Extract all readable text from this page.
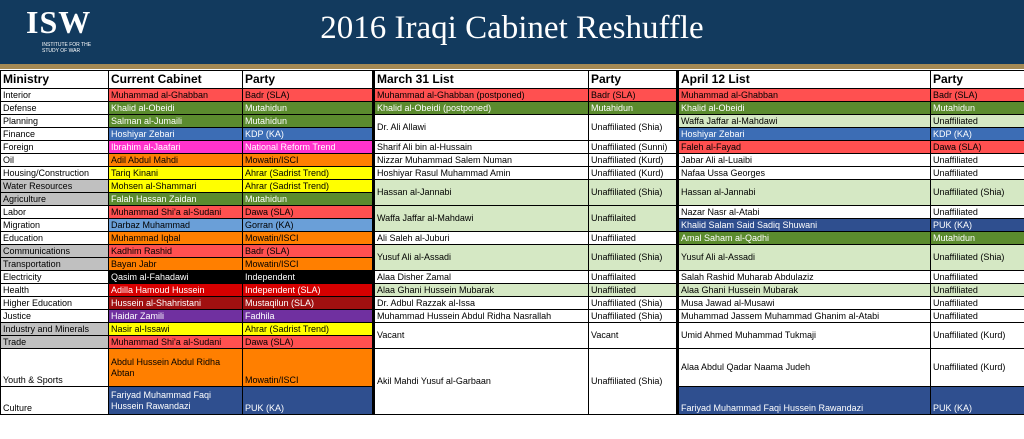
ISW
INSTITUTE FOR THE STUDY OF WAR
2016 Iraqi Cabinet Reshuffle
Ministry	Current Cabinet	Party	March 31 List	Party	April 12 List	Party
Interior	Muhammad al-Ghabban	Badr (SLA)	Muhammad al-Ghabban (postponed)	Badr (SLA)	Muhammad al-Ghabban	Badr (SLA)
Defense	Khalid al-Obeidi	Mutahidun	Khalid al-Obeidi (postponed)	Mutahidun	Khalid al-Obeidi	Mutahidun
Planning	Salman al-Jumaili	Mutahidun	Dr. Ali Allawi	Unaffiliated (Shia)	Waffa Jaffar al-Mahdawi	Unaffiliated
Finance	Hoshiyar Zebari	KDP (KA)			Hoshiyar Zebari	KDP (KA)
Foreign	Ibrahim al-Jaafari	National Reform Trend	Sharif Ali bin al-Hussain	Unaffiliated (Sunni)	Faleh al-Fayad	Dawa (SLA)
Oil	Adil Abdul Mahdi	Mowatin/ISCI	Nizzar Muhammad Salem Numan	Unaffiliated (Kurd)	Jabar Ali al-Luaibi	Unaffiliated
Housing/Construction	Tariq Kinani	Ahrar (Sadrist Trend)	Hoshiyar Rasul Muhammad Amin	Unaffiliated (Kurd)	Nafaa Ussa Georges	Unaffiliated
Water Resources	Mohsen al-Shammari	Ahrar (Sadrist Trend)	Hassan al-Jannabi	Unaffiliated (Shia)	Hassan al-Jannabi	Unaffiliated (Shia)
Agriculture	Falah Hassan Zaidan	Mutahidun				
Labor	Muhammad Shi'a al-Sudani	Dawa (SLA)	Waffa Jaffar al-Mahdawi	Unaffilaited	Nazar Nasr al-Atabi	Unaffiliated
Migration	Darbaz Muhammad	Gorran (KA)			Khalid Salam Said Sadiq Shuwani	PUK (KA)
Education	Muhammad Iqbal	Mowatin/ISCI	Ali Saleh al-Juburi	Unaffiliated	Amal Saham al-Qadhi	Mutahidun
Communications	Kadhim Rashid	Badr (SLA)	Yusuf Ali al-Assadi	Unaffiliated (Shia)	Yusuf Ali al-Assadi	Unaffiliated (Shia)
Transportation	Bayan Jabr	Mowatin/ISCI				
Electricity	Qasim al-Fahadawi	Independent	Alaa Disher Zamal	Unaffilaited	Salah Rashid Muharab Abdulaziz	Unaffiliated
Health	Adilla Hamoud Hussein	Independent (SLA)	Alaa Ghani Hussein Mubarak	Unaffiliated	Alaa Ghani Hussein Mubarak	Unaffiliated
Higher Education	Hussein al-Shahristani	Mustaqilun (SLA)	Dr. Adbul Razzak al-Issa	Unaffiliated (Shia)	Musa Jawad al-Musawi	Unaffiliated
Justice	Haidar Zamili	Fadhila	Muhammad Hussein Abdul Ridha Nasrallah	Unaffiliated (Shia)	Muhammad Jassem Muhammad Ghanim al-Atabi	Unaffiliated
Industry and Minerals	Nasir al-Issawi	Ahrar (Sadrist Trend)	Vacant	Vacant	Umid Ahmed Muhammad Tukmaji	Unaffiliated (Kurd)
Trade	Muhammad Shi'a al-Sudani	Dawa (SLA)				
Youth & Sports	Abdul Hussein Abdul Ridha Abtan	Mowatin/ISCI	Akil Mahdi Yusuf al-Garbaan	Unaffiliated (Shia)	Alaa Abdul Qadar Naama Judeh	Unaffiliated (Kurd)
Culture	Fariyad Muhammad Faqi Hussein Rawandazi	PUK (KA)			Fariyad Muhammad Faqi Hussein Rawandazi	PUK (KA)
